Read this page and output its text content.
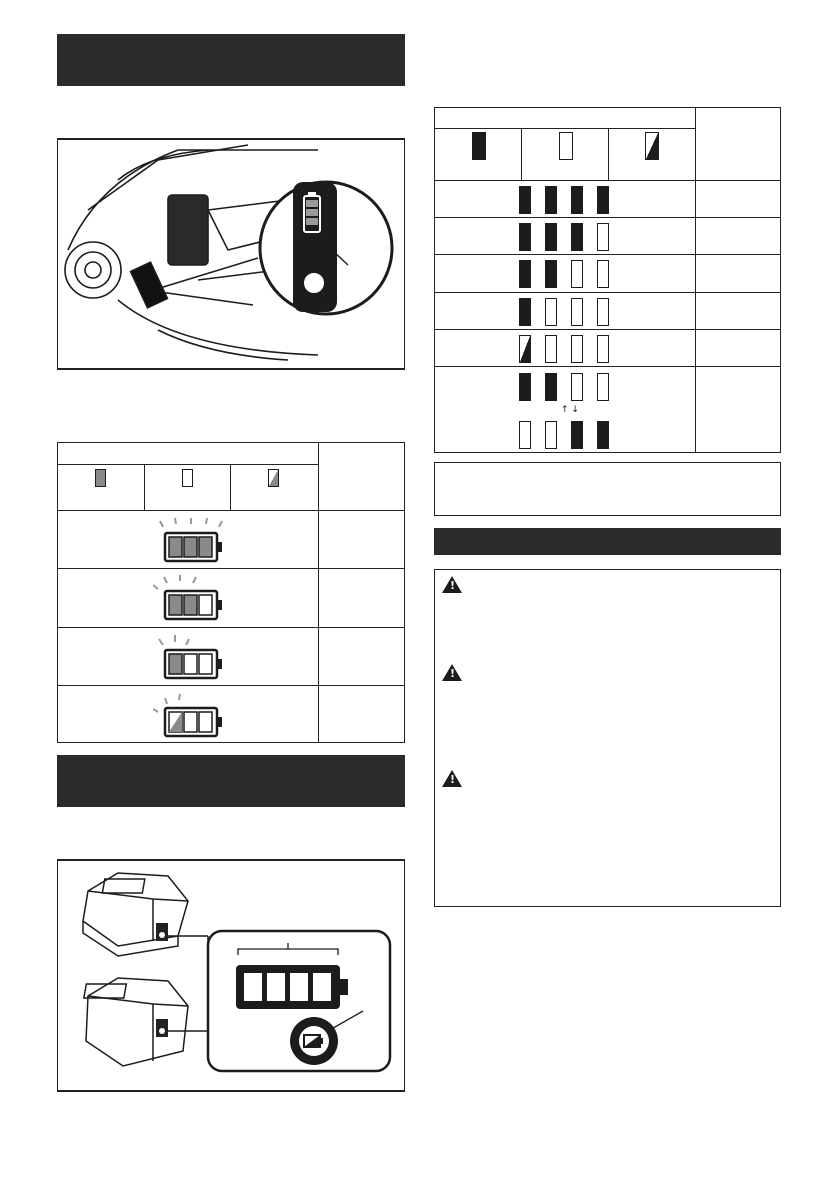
↑ ↓
!
!
!
